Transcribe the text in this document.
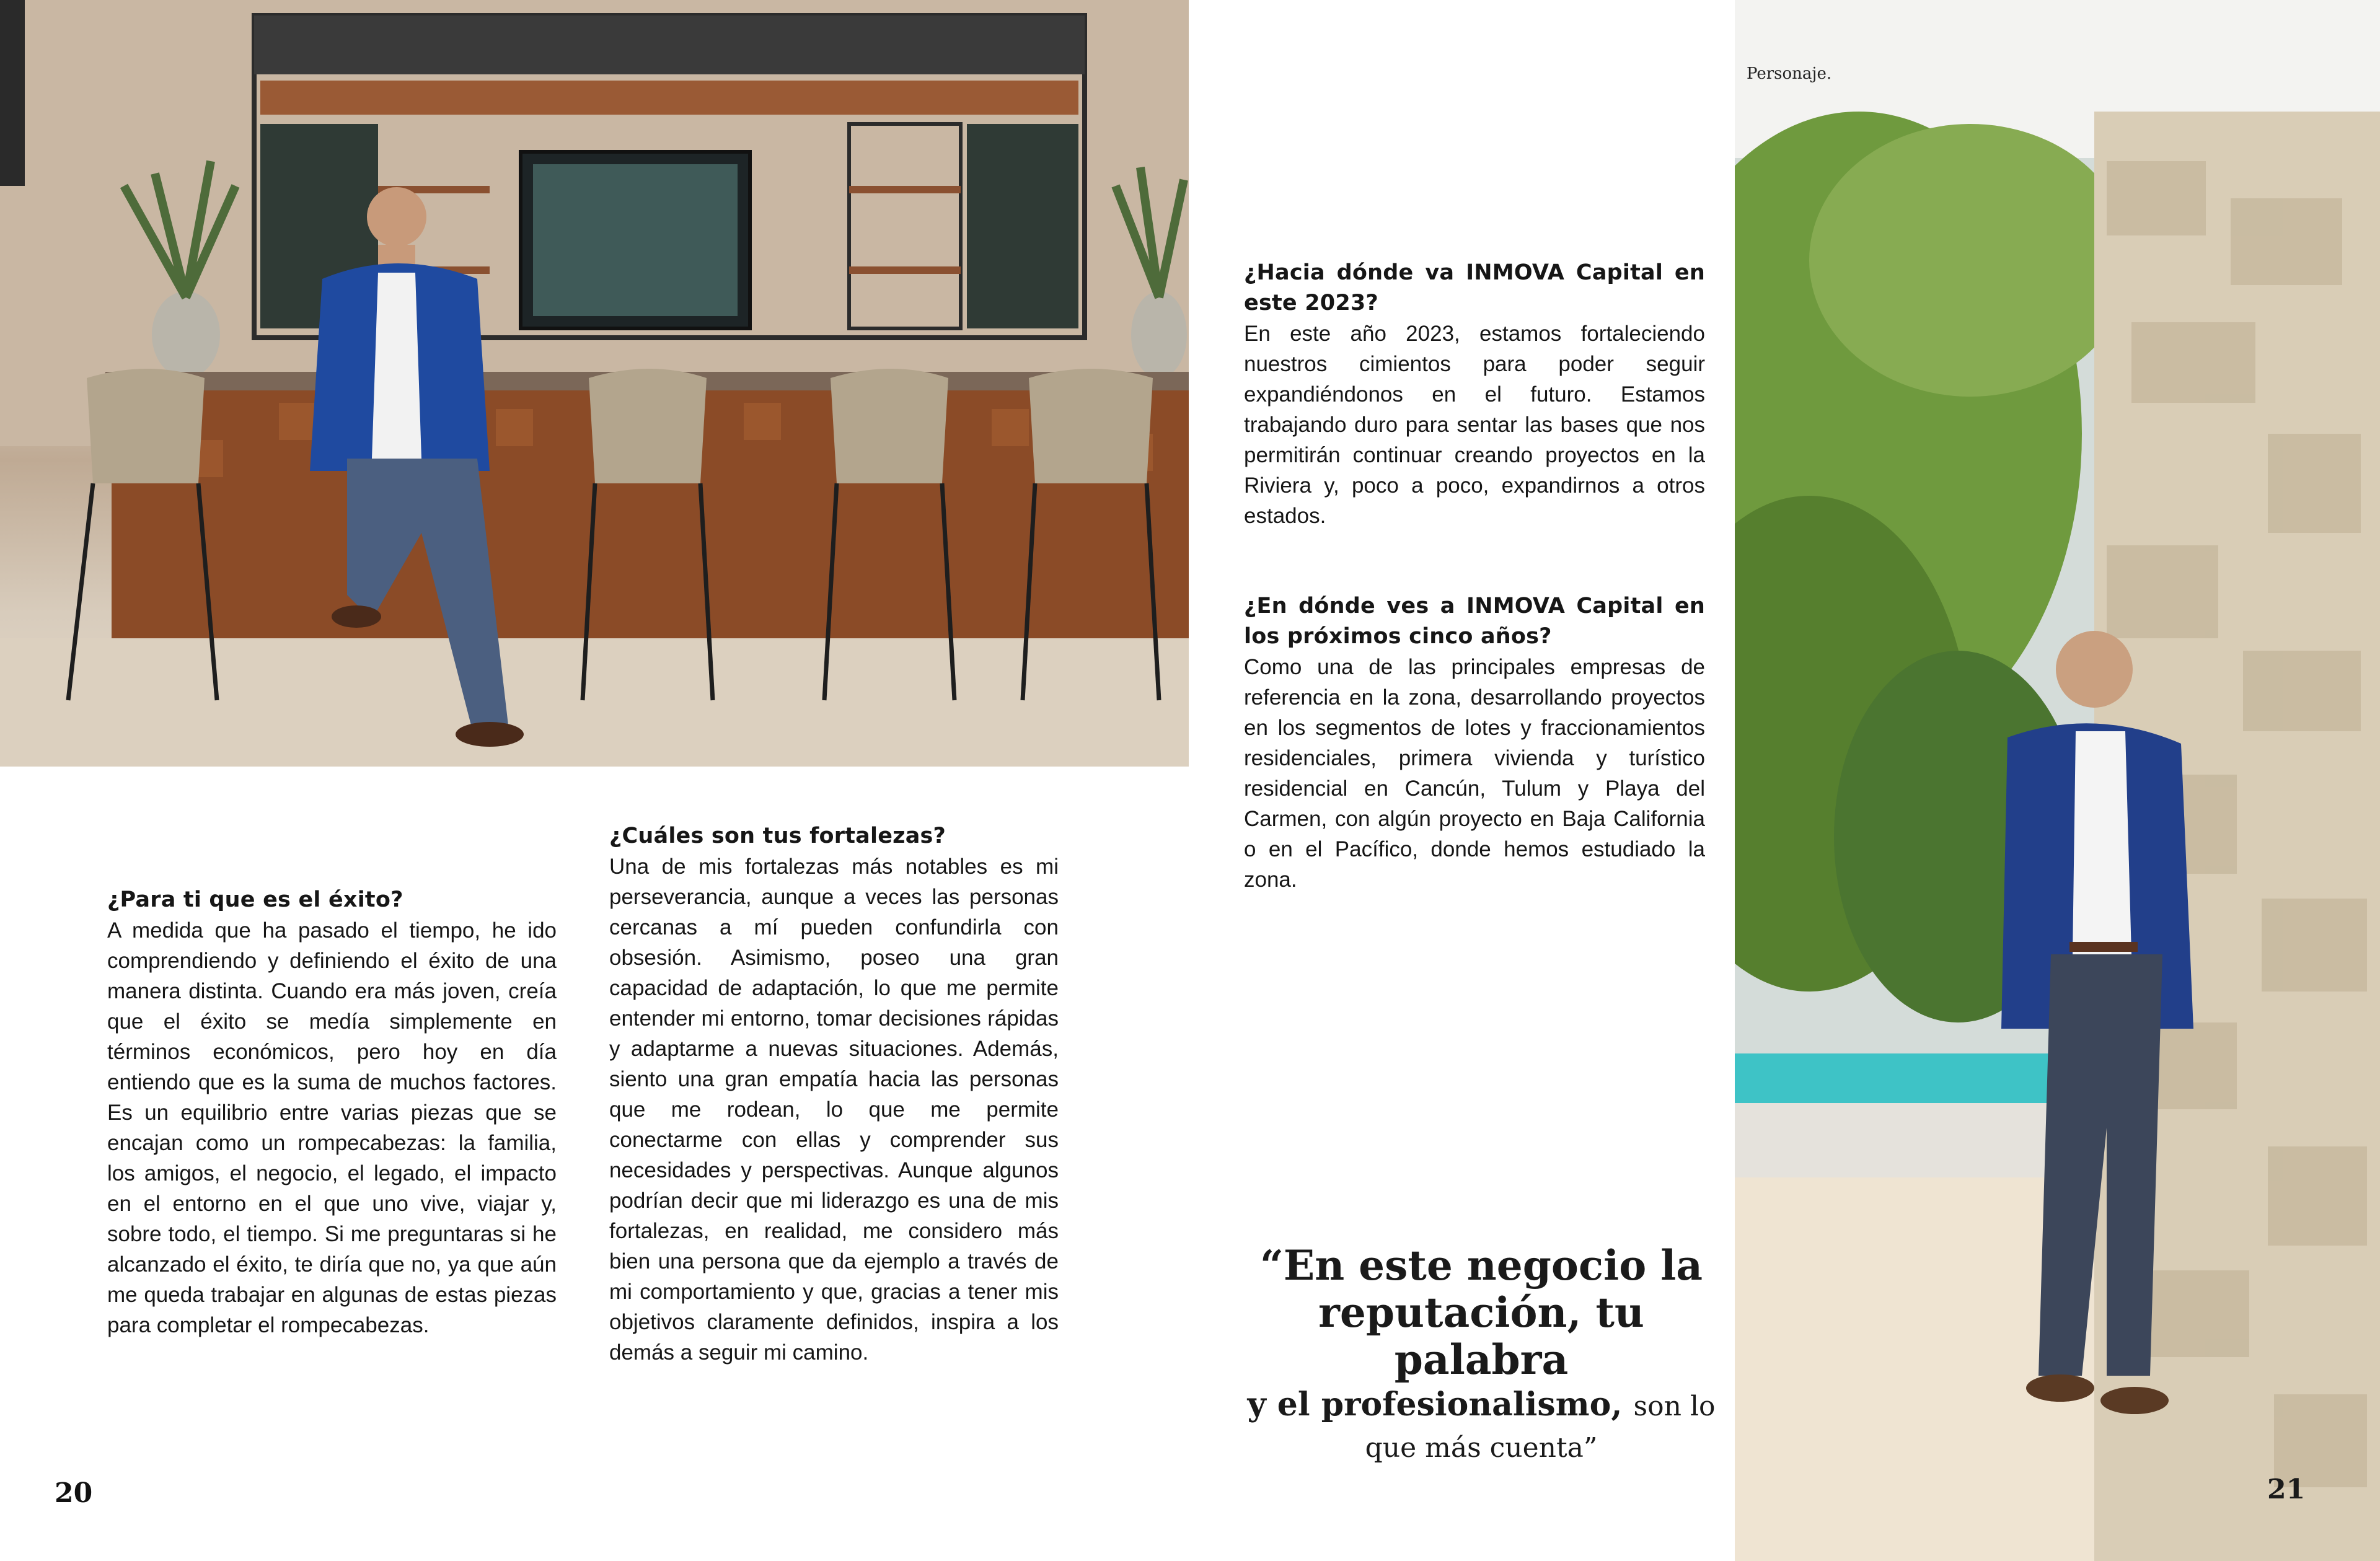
Personaje.
¿Para ti que es el éxito?

A medida que ha pasado el tiempo, he ido comprendiendo y definiendo el éxito de una manera distinta. Cuando era más joven, creía que el éxito se medía simplemente en términos económicos, pero hoy en día entiendo que es la suma de muchos factores. Es un equilibrio entre varias piezas que se encajan como un rompecabezas: la familia, los amigos, el negocio, el legado, el impacto en el entorno en el que uno vive, viajar y, sobre todo, el tiempo. Si me preguntaras si he alcanzado el éxito, te diría que no, ya que aún me queda trabajar en algunas de estas piezas para completar el rompecabezas.

¿Cuáles son tus fortalezas?

Una de mis fortalezas más notables es mi perseverancia, aunque a veces las personas cercanas a mí pueden confundirla con obsesión. Asimismo, poseo una gran capacidad de adaptación, lo que me permite entender mi entorno, tomar decisiones rápidas y adaptarme a nuevas situaciones. Además, siento una gran empatía hacia las personas que me rodean, lo que me permite conectarme con ellas y comprender sus necesidades y perspectivas. Aunque algunos podrían decir que mi liderazgo es una de mis fortalezas, en realidad, me considero más bien una persona que da ejemplo a través de mi comportamiento y que, gracias a tener mis objetivos claramente definidos, inspira a los demás a seguir mi camino.

¿Hacia dónde va INMOVA Capital en este 2023?

En este año 2023, estamos fortaleciendo nuestros cimientos para poder seguir expandiéndonos en el futuro. Estamos trabajando duro para sentar las bases que nos permitirán continuar creando proyectos en la Riviera y, poco a poco, expandirnos a otros estados.

¿En dónde ves a INMOVA Capital en los próximos cinco años?

Como una de las principales empresas de referencia en la zona, desarrollando proyectos en los segmentos de lotes y fraccionamientos residenciales, primera vivienda y turístico residencial en Cancún, Tulum y Playa del Carmen, con algún proyecto en Baja California o en el Pacífico, donde hemos estudiado la zona.

“En este negocio la
reputación, tu palabra
y el profesionalismo, son lo
que más cuenta”
20	21
